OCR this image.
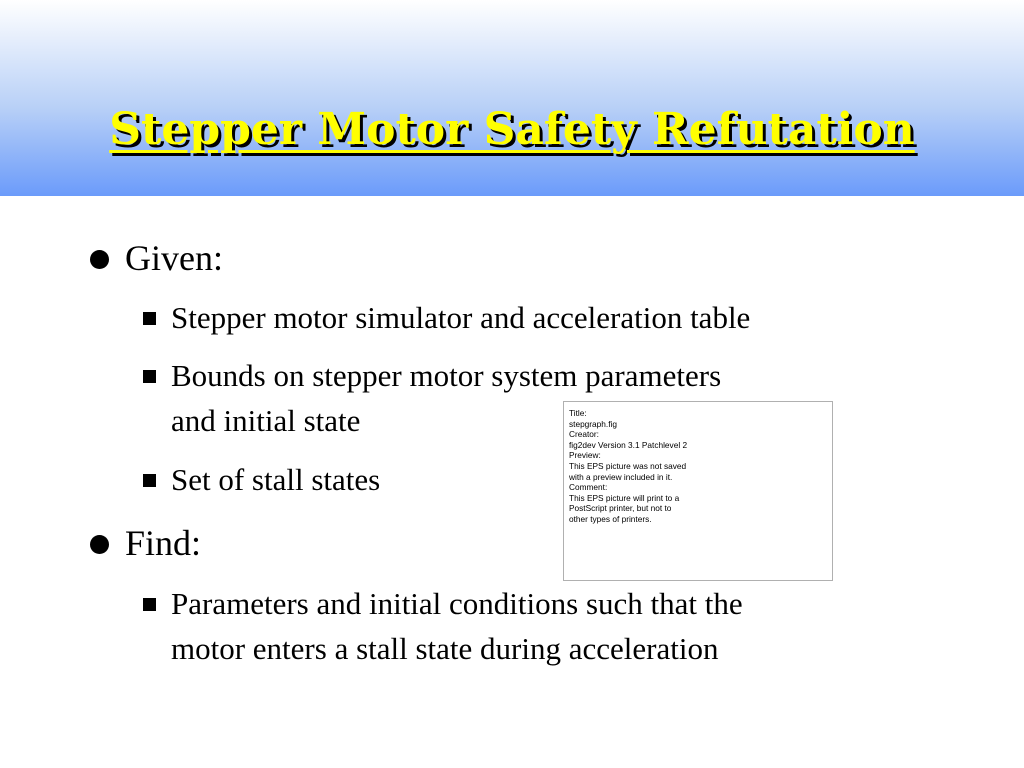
Stepper Motor Safety Refutation
Given:
Stepper motor simulator and acceleration table
Bounds on stepper motor system parameters
and initial state
Set of stall states
Find:
Parameters and initial conditions such that the
motor enters a stall state during acceleration
Title:
stepgraph.fig
Creator:
fig2dev Version 3.1 Patchlevel 2
Preview:
This EPS picture was not saved
with a preview included in it.
Comment:
This EPS picture will print to a
PostScript printer, but not to
other types of printers.
